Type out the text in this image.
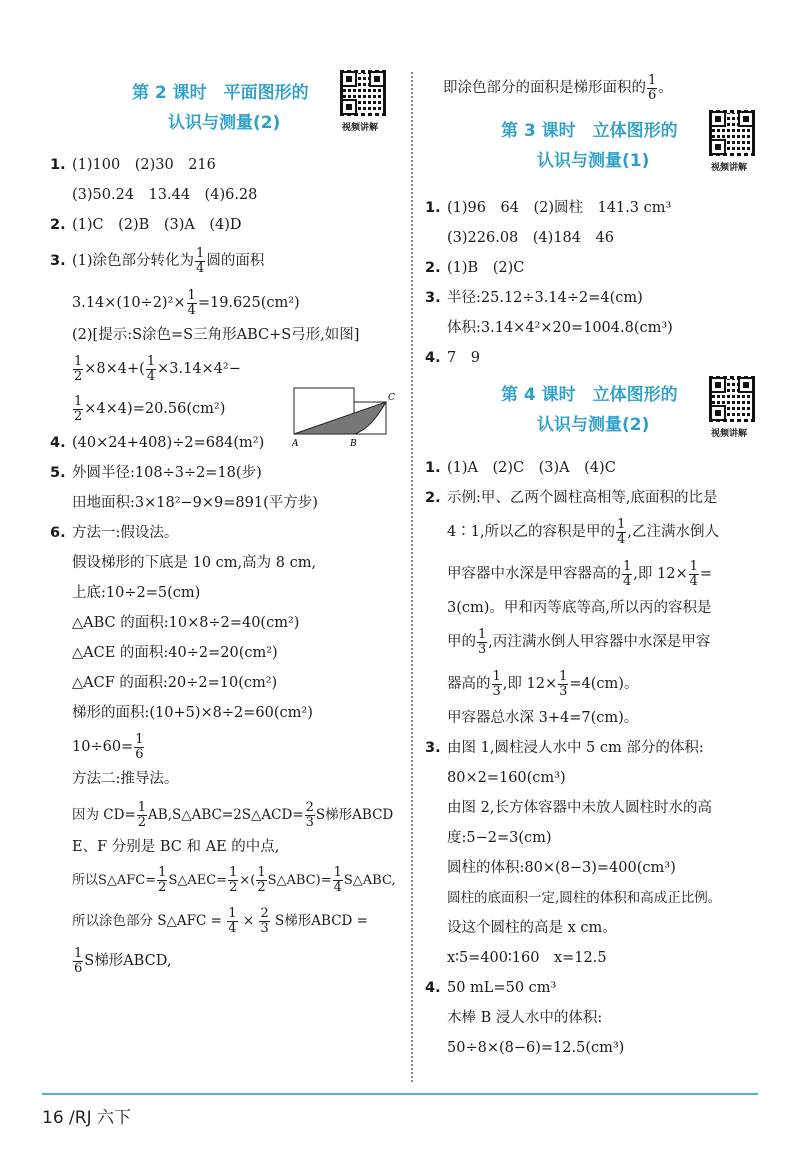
第 2 课时　平面图形的
认识与测量(2)	视频讲解

1. (1)100　(2)30　216

(3)50.24　13.44　(4)6.28

2. (1)C　(2)B　(3)A　(4)D

3. (1)涂色部分转化为 $\frac{1}{4}$ 圆的面积

$3.14\times(10\div 2)^2\times \frac{1}{4} =19.625(cm^2)$

(2)[提示:S涂色=S三角形ABC+S弓形,如图]

$\frac{1}{2} \times 8\times 4+( \frac{1}{4} \times 3.14\times 4^2-$

$\frac{1}{2} \times 4\times 4)=20.56(cm^2)$

4. (40×24+408)÷2=684(m²)

5. 外圆半径:108÷3÷2=18(步)

田地面积:3×18²−9×9=891(平方步)

6. 方法一:假设法。

假设梯形的下底是 10 cm,高为 8 cm,

上底:10÷2=5(cm)

△ABC 的面积:10×8÷2=40(cm²)

△ACE 的面积:40÷2=20(cm²)

△ACF 的面积:20÷2=10(cm²)

梯形的面积:(10+5)×8÷2=60(cm²)

$10\div 60= \frac{1}{6}$

方法二:推导法。

因为 $CD= \frac{1}{2}$ AB,S△ABC=2S△ACD= $\frac{2}{3}$ S梯形ABCD

E、F 分别是 BC 和 AE 的中点,

所以S△AFC= $\frac{1}{2}$ S△AEC= $\frac{1}{2}$ ×( $\frac{1}{2}$ S△ABC)= $\frac{1}{4}$ S△ABC,

所以涂色部分 S△AFC = $\frac{1}{4} \times \frac{2}{3}$ S梯形ABCD =

$\frac{1}{6}$ S梯形ABCD,

A	B
C

即涂色部分的面积是梯形面积的 $\frac{1}{6}$ 。

第 3 课时　立体图形的
认识与测量(1)	视频讲解

1. (1)96　64　(2)圆柱　141.3 cm³

(3)226.08　(4)184　46

2. (1)B　(2)C

3. 半径:25.12÷3.14÷2=4(cm)

体积:3.14×4²×20=1004.8(cm³)

4. 7　9

第 4 课时　立体图形的
认识与测量(2)	视频讲解

1. (1)A　(2)C　(3)A　(4)C

2. 示例:甲、乙两个圆柱高相等,底面积的比是

4∶1,所以乙的容积是甲的 $\frac{1}{4}$ ,乙注满水倒人

甲容器中水深是甲容器高的 $\frac{1}{4}$ ,即 $12\times \frac{1}{4}$ =

3(cm)。甲和丙等底等高,所以丙的容积是

甲的 $\frac{1}{3}$ ,丙注满水倒人甲容器中水深是甲容

器高的 $\frac{1}{3}$ ,即 $12\times \frac{1}{3} =4(cm)$。

甲容器总水深 3+4=7(cm)。

3. 由图 1,圆柱浸人水中 5 cm 部分的体积:

80×2=160(cm³)

由图 2,长方体容器中未放人圆柱时水的高

度:5−2=3(cm)

圆柱的体积:80×(8−3)=400(cm³)

圆柱的底面积一定,圆柱的体积和高成正比例。

设这个圆柱的高是 x cm。

x∶5=400∶160　x=12.5

4. 50 mL=50 cm³

木棒 B 浸人水中的体积:

50÷8×(8−6)=12.5(cm³)

16 /RJ 六下
